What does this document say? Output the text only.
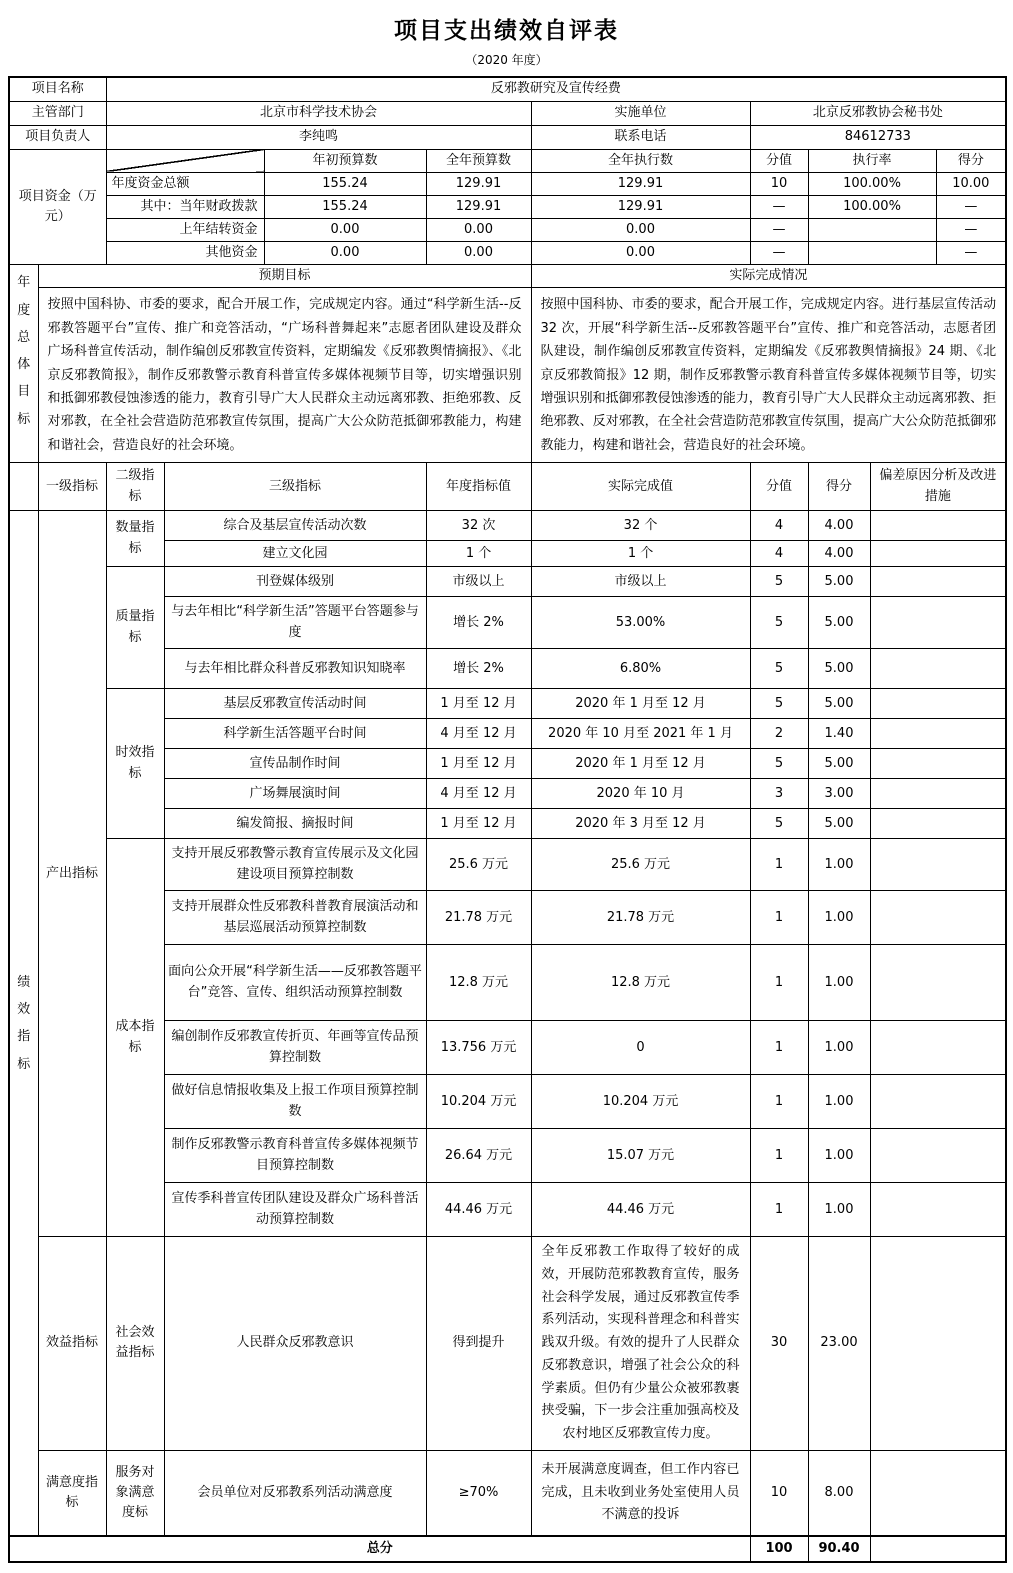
项目支出绩效自评表
（2020 年度）
项目名称		反邪教研究及宣传经费								
主管部门		北京市科学技术协会				实施单位	北京反邪教协会秘书处			
项目负责人		李纯鸣				联系电话	84612733			
项目资金（万元）				年初预算数	全年预算数	全年执行数	分值	执行率		得分
		年度资金总额		155.24	129.91	129.91	10	100.00%		10.00
		其中：当年财政拨款		155.24	129.91	129.91	—	100.00%		—
		上年结转资金		0.00	0.00	0.00	—			—
		其他资金		0.00	0.00	0.00	—			—

年度总体目标	预期目标					实际完成情况				
按照中国科协、市委的要求，配合开展工作，完成规定内容。通过“科学新生活--反邪教答题平台”宣传、推广和竞答活动，“广场科普舞起来”志愿者团队建设及群众广场科普宣传活动，制作编创反邪教宣传资料，定期编发《反邪教舆情摘报》、《北京反邪教简报》，制作反邪教警示教育科普宣传多媒体视频节目等，切实增强识别和抵御邪教侵蚀渗透的能力，教育引导广大人民群众主动远离邪教、拒绝邪教、反对邪教，在全社会营造防范邪教宣传氛围，提高广大公众防范抵御邪教能力，构建和谐社会，营造良好的社会环境。	按照中国科协、市委的要求，配合开展工作，完成规定内容。进行基层宣传活动 32 次，开展“科学新生活--反邪教答题平台”宣传、推广和竞答活动，志愿者团队建设，制作编创反邪教宣传资料，定期编发《反邪教舆情摘报》24 期、《北京反邪教简报》12 期，制作反邪教警示教育科普宣传多媒体视频节目等，切实增强识别和抵御邪教侵蚀渗透的能力，教育引导广大人民群众主动远离邪教、拒绝邪教、反对邪教，在全社会营造防范邪教宣传氛围，提高广大公众防范抵御邪教能力，构建和谐社会，营造良好的社会环境。
	一级指标	二级指标	三级指标		年度指标值	实际完成值	分值	得分	偏差原因分析及改进措施	

绩效指标	产出指标	数量指标	综合及基层宣传活动次数		32 次	32 个	4	4.00		
			建立文化园		1 个	1 个	4	4.00		
		质量指标	刊登媒体级别		市级以上	市级以上	5	5.00		
			与去年相比“科学新生活”答题平台答题参与度		增长 2%	53.00%	5	5.00		
			与去年相比群众科普反邪教知识知晓率		增长 2%	6.80%	5	5.00		
		时效指标	基层反邪教宣传活动时间		1 月至 12 月	2020 年 1 月至 12 月	5	5.00		
			科学新生活答题平台时间		4 月至 12 月	2020 年 10 月至 2021 年 1 月	2	1.40		
			宣传品制作时间		1 月至 12 月	2020 年 1 月至 12 月	5	5.00		
			广场舞展演时间		4 月至 12 月	2020 年 10 月	3	3.00		
			编发简报、摘报时间		1 月至 12 月	2020 年 3 月至 12 月	5	5.00		
		成本指标	支持开展反邪教警示教育宣传展示及文化园建设项目预算控制数		25.6 万元	25.6 万元	1	1.00		
			支持开展群众性反邪教科普教育展演活动和基层巡展活动预算控制数		21.78 万元	21.78 万元	1	1.00		
			面向公众开展“科学新生活——反邪教答题平台”竞答、宣传、组织活动预算控制数		12.8 万元	12.8 万元	1	1.00		
			编创制作反邪教宣传折页、年画等宣传品预算控制数		13.756 万元	0	1	1.00		
			做好信息情报收集及上报工作项目预算控制数		10.204 万元	10.204 万元	1	1.00		
			制作反邪教警示教育科普宣传多媒体视频节目预算控制数		26.64 万元	15.07 万元	1	1.00		
			宣传季科普宣传团队建设及群众广场科普活动预算控制数		44.46 万元	44.46 万元	1	1.00		
	效益指标	社会效益指标	人民群众反邪教意识		得到提升	全年反邪教工作取得了较好的成效，开展防范邪教教育宣传，服务社会科学发展，通过反邪教宣传季系列活动，实现科普理念和科普实践双升级。有效的提升了人民群众反邪教意识，增强了社会公众的科学素质。但仍有少量公众被邪教裹挟受骗，下一步会注重加强高校及农村地区反邪教宣传力度。	30	23.00		
	满意度指标	服务对象满意度标	会员单位对反邪教系列活动满意度		≥70%	未开展满意度调查，但工作内容已完成，且未收到业务处室使用人员不满意的投诉	10	8.00		
总分							100	90.40		
